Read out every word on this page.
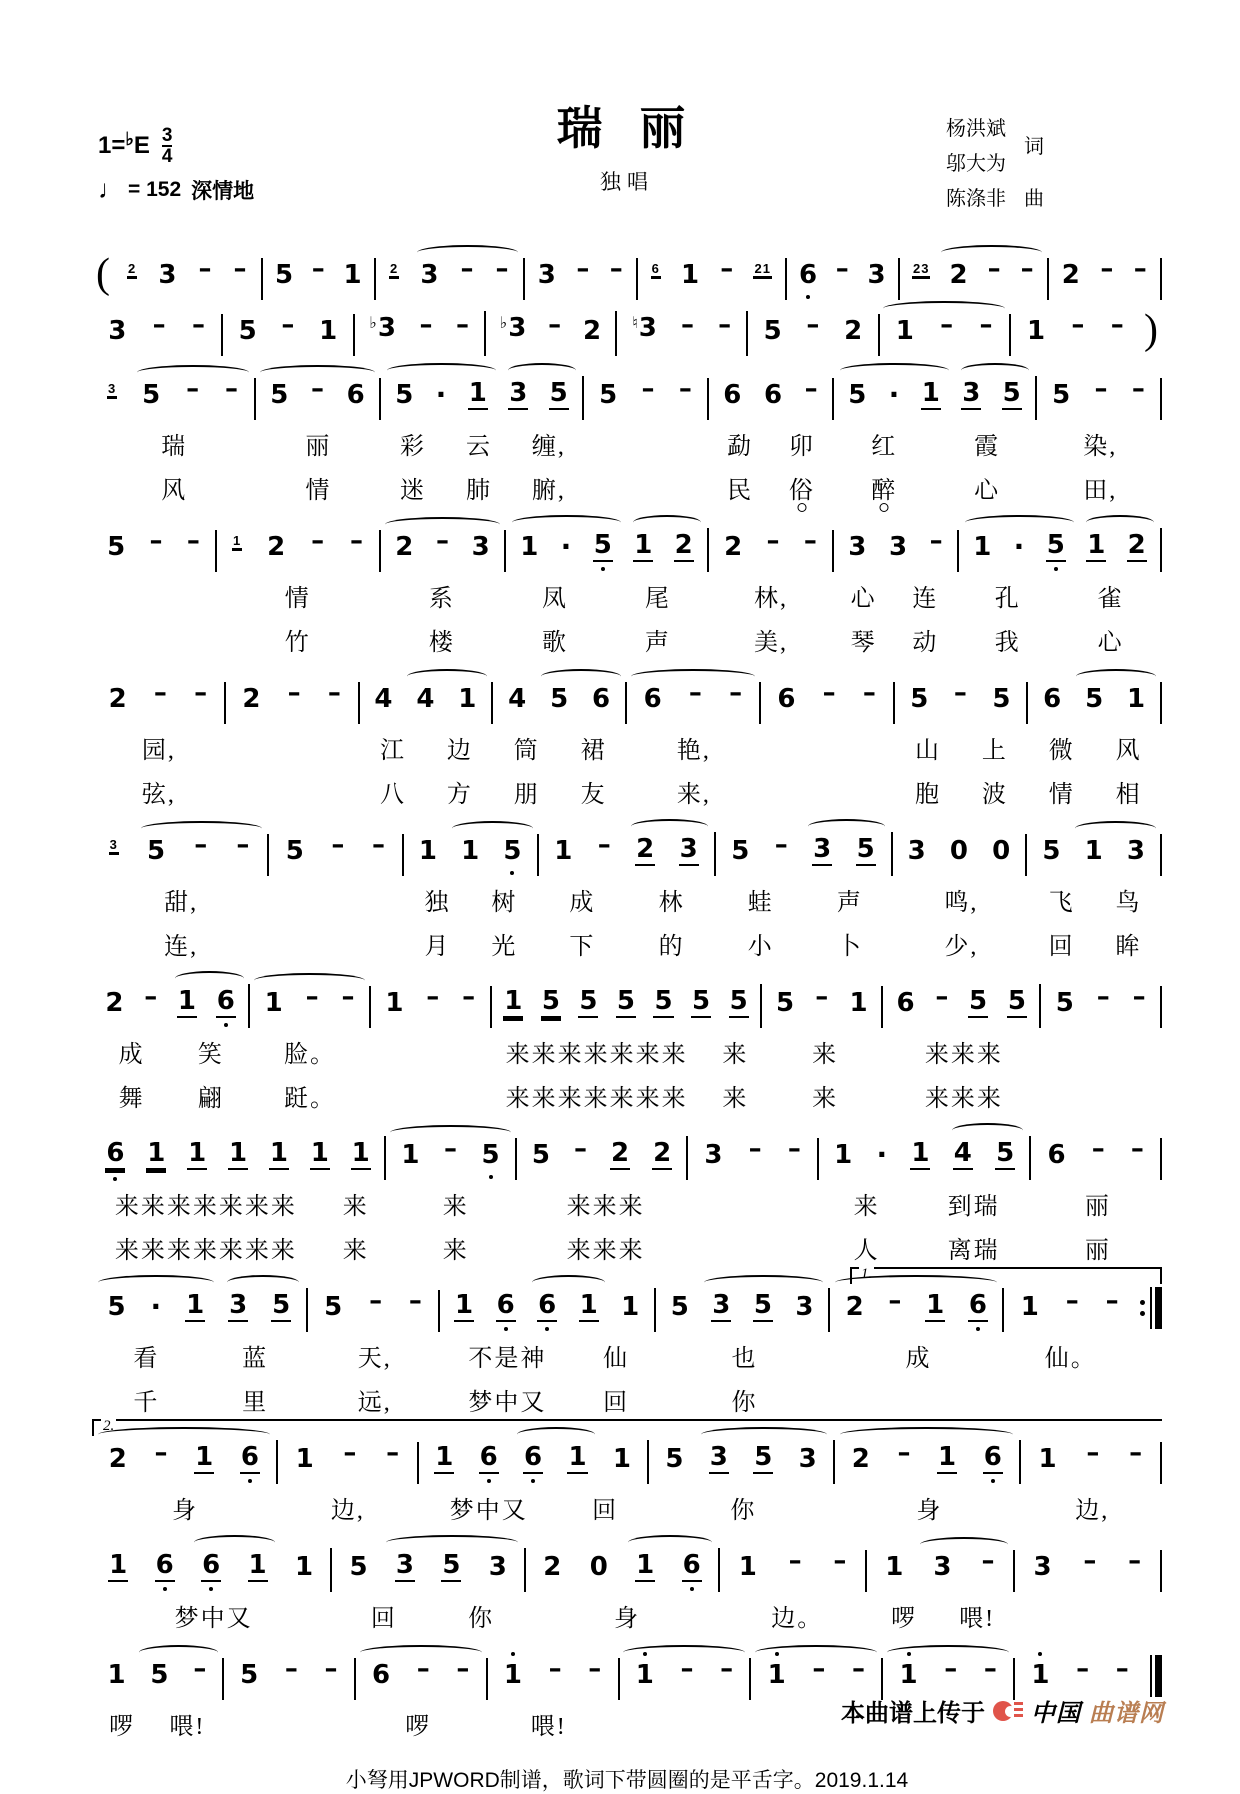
瑞 丽
独唱
1= ♭ E 3
4
♩ = 152 深情地
杨洪斌
词
邬大为
陈涤非 曲
(	2 3 – – 5 – 1 2 3 – – 3 – – 6 1 – 21 6 – 3 23 2 – – 2 – –
3 – – 5 – 1 ♭3 – – ♭3 – 2 ♮3 – – 5 – 2 1 – – 1 – – )
3 5 – – 5 – 6 5 · 1 3 5 5 – – 6 6 – 5 · 1 3 5 5 – –
瑞	丽	彩 云 缠,	勐 卯 红	霞	染,
风	情	迷 肺 腑,	民 俗 醉	心	田,
5 – –	1 2 – – 2 – 3 1 · 5 1 2 2 – – 3 3 – 1 · 5 1 2
情	系	凤	尾	林,	心 连 孔	雀
竹	楼	歌	声	美,	琴 动 我	心
2 – – 2 – – 4 4 1 4 5 6 6 – – 6 – – 5 – 5 6 5 1
园,	江 边 筒 裙	艳,	山 上 微 风
弦,	八 方 朋 友	来,	胞 波 情 相
3 5 – – 5 – – 1 1 5 1 – 2 3 5 – 3 5 3 0 0 5 1 3
甜,	独 树 成	林	蛙	声	鸣,	飞 鸟
连,	月 光 下	的	小	卜	少,	回 眸
2 – 1 6 1 – – 1 – – 1 5 5 5 5 5 5 5 – 1 6 – 5 5 5 – –
成 笑	脸。	来来来来来来来 来	来	来来来
舞 翩	跹。	来来来来来来来 来	来	来来来
6 1 1 1 1 1 1 1 – 5 5 – 2 2 3 – – 1 · 1 4 5 6 – –
来来来来来来来 来	来	来来来	来	到瑞	丽
来来来来来来来 来	来	来来来	人	离瑞	丽
1.
5 · 1 3 5 5 – – 1 6 6 1 1 5 3 5 3 2 – 1 6 1 – –
看	蓝	天,	不是神 仙	也	成	仙。
千	里	远,	梦中又 回	你
2.
2 – 1 6 1 – – 1 6 6 1 1 5 3 5 3 2 – 1 6 1 – –
身	边,	梦中又	回	你	身	边,
1 6 6 1 1 5 3 5 3 2 0 1 6 1 – – 1 3 – 3 – –
梦中又	回	你	身	边。	啰 喂!
1 5 – 5 – – 6 – – 1 – – 1 – – 1 – – 1 – – 1 – –
啰 喂!	啰	喂!
小弩用JPWORD制谱，歌词下带圆圈的是平舌字。2019.1.14
本曲谱上传于 中国 曲谱网
